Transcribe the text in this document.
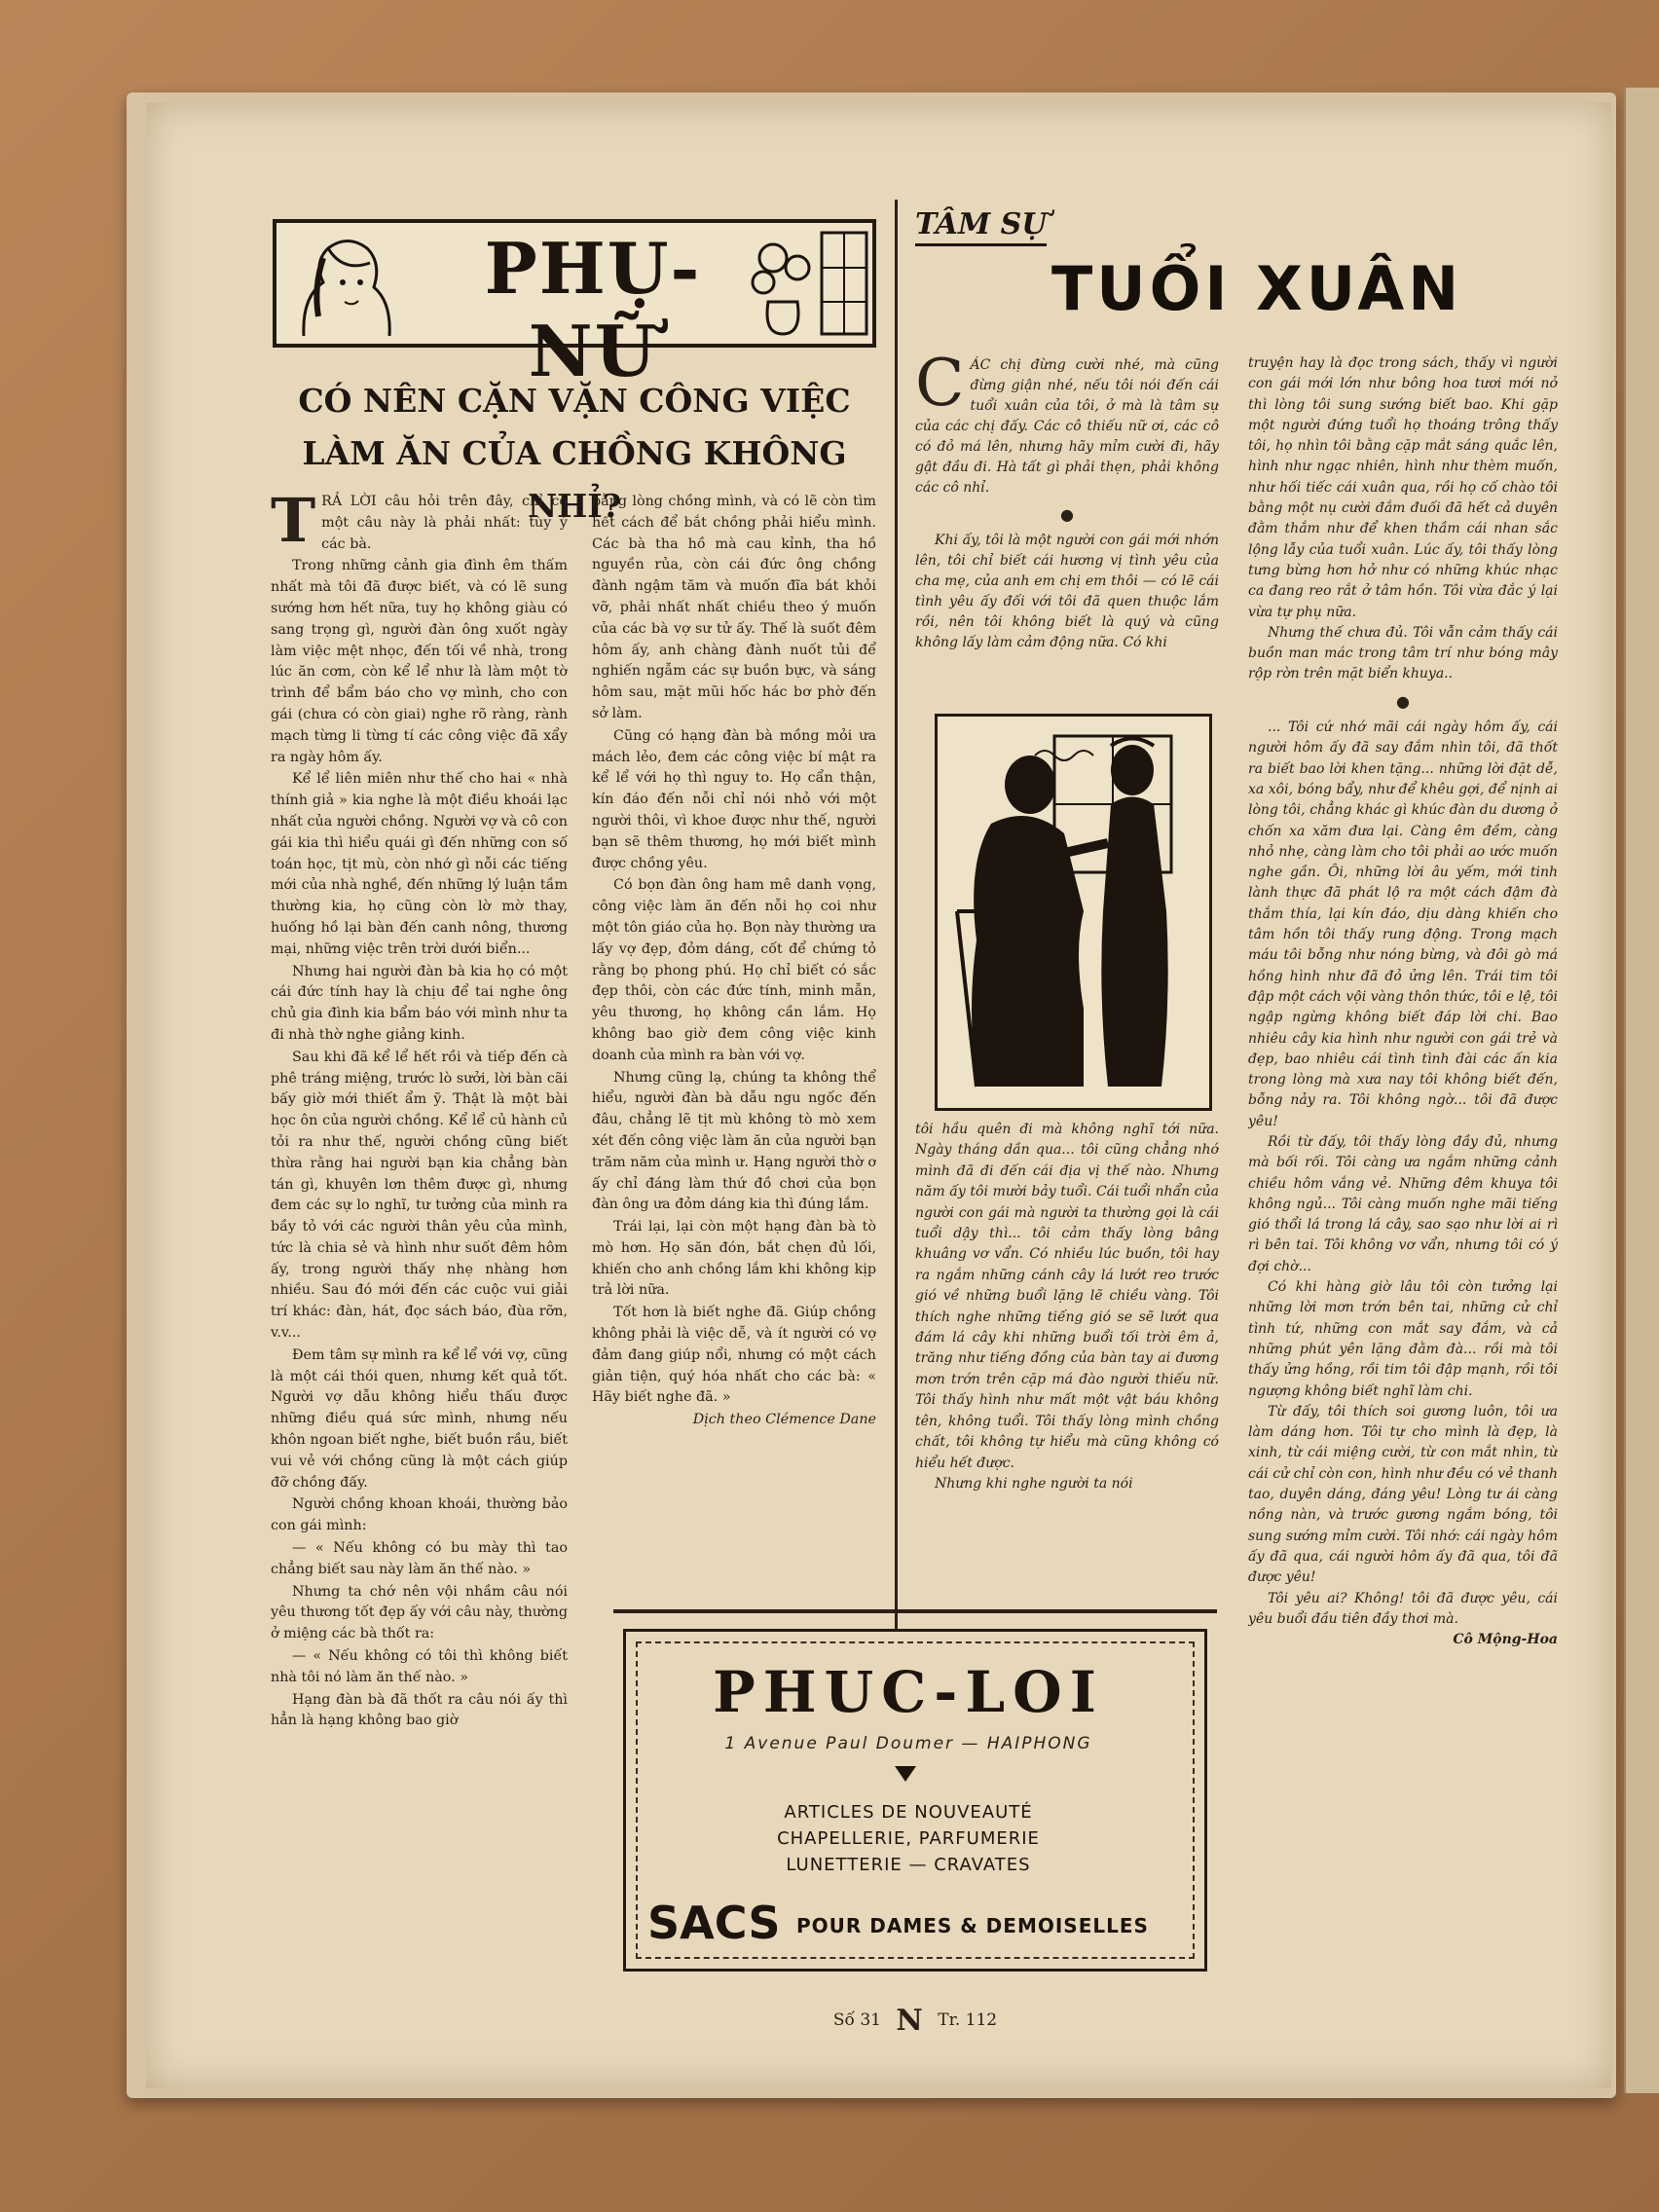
PHỤ-NỮ
CÓ NÊN CẶN VẶN CÔNG VIỆC
LÀM ĂN CỦA CHỒNG KHÔNG NHỈ?

TRẢ LỜI câu hỏi trên đây, chỉ có một câu này là phải nhất: tùy ý các bà.

Trong những cảnh gia đình êm thấm nhất mà tôi đã được biết, và có lẽ sung sướng hơn hết nữa, tuy họ không giàu có sang trọng gì, người đàn ông xuốt ngày làm việc mệt nhọc, đến tối về nhà, trong lúc ăn cơm, còn kể lể như là làm một tờ trình để bẩm báo cho vợ mình, cho con gái (chưa có còn giai) nghe rõ ràng, rành mạch từng li từng tí các công việc đã xẩy ra ngày hôm ấy.

Kể lể liên miên như thế cho hai « nhà thính giả » kia nghe là một điều khoái lạc nhất của người chồng. Người vợ và cô con gái kia thì hiểu quái gì đến những con số toán học, tịt mù, còn nhớ gì nỗi các tiếng mới của nhà nghề, đến những lý luận tầm thường kia, họ cũng còn lờ mờ thay, huống hồ lại bàn đến canh nông, thương mại, những việc trên trời dưới biển...

Nhưng hai người đàn bà kia họ có một cái đức tính hay là chịu để tai nghe ông chủ gia đình kia bẩm báo với mình như ta đi nhà thờ nghe giảng kinh.

Sau khi đã kể lể hết rồi và tiếp đến cà phê tráng miệng, trước lò sưởi, lời bàn cãi bấy giờ mới thiết ẩm ỹ. Thật là một bài học ôn của người chồng. Kể lể củ hành củ tỏi ra như thế, người chồng cũng biết thừa rằng hai người bạn kia chẳng bàn tán gì, khuyên lơn thêm được gì, nhưng đem các sự lo nghĩ, tư tưởng của mình ra bầy tỏ với các người thân yêu của mình, tức là chia sẻ và hình như suốt đêm hôm ấy, trong người thấy nhẹ nhàng hơn nhiều. Sau đó mới đến các cuộc vui giải trí khác: đàn, hát, đọc sách báo, đùa rỡn, v.v...

Đem tâm sự mình ra kể lể với vợ, cũng là một cái thói quen, nhưng kết quả tốt. Người vợ dẫu không hiểu thấu được những điều quá sức mình, nhưng nếu khôn ngoan biết nghe, biết buồn rầu, biết vui vẻ với chồng cũng là một cách giúp đỡ chồng đấy.

Người chồng khoan khoái, thường bảo con gái mình:

— « Nếu không có bu mày thì tao chẳng biết sau này làm ăn thế nào. »

Nhưng ta chớ nên vội nhầm câu nói yêu thương tốt đẹp ấy với câu này, thường ở miệng các bà thốt ra:

— « Nếu không có tôi thì không biết nhà tôi nó làm ăn thế nào. »

Hạng đàn bà đã thốt ra câu nói ấy thì hẳn là hạng không bao giờ

bằng lòng chồng mình, và có lẽ còn tìm hết cách để bắt chồng phải hiểu mình. Các bà tha hồ mà cau kỉnh, tha hồ nguyền rủa, còn cái đức ông chồng đành ngậm tăm và muốn đĩa bát khỏi vỡ, phải nhất nhất chiều theo ý muốn của các bà vợ sư tử ấy. Thế là suốt đêm hôm ấy, anh chàng đành nuốt tủi để nghiến ngẫm các sự buồn bực, và sáng hôm sau, mặt mũi hốc hác bơ phờ đến sở làm.

Cũng có hạng đàn bà mồng mỏi ưa mách lẻo, đem các công việc bí mật ra kể lể với họ thì nguy to. Họ cẩn thận, kín đáo đến nỗi chỉ nói nhỏ với một người thôi, vì khoe được như thế, người bạn sẽ thêm thương, họ mới biết mình được chồng yêu.

Có bọn đàn ông ham mê danh vọng, công việc làm ăn đến nỗi họ coi như một tôn giáo của họ. Bọn này thường ưa lấy vợ đẹp, đỏm dáng, cốt để chứng tỏ rằng bọ phong phú. Họ chỉ biết có sắc đẹp thôi, còn các đức tính, minh mẫn, yêu thương, họ không cần lắm. Họ không bao giờ đem công việc kinh doanh của mình ra bàn với vợ.

Nhưng cũng lạ, chúng ta không thể hiểu, người đàn bà dẫu ngu ngốc đến đâu, chẳng lẽ tịt mù không tò mò xem xét đến công việc làm ăn của người bạn trăm năm của mình ư. Hạng người thờ ơ ấy chỉ đáng làm thứ đồ chơi của bọn đàn ông ưa đỏm dáng kia thì đúng lắm.

Trái lại, lại còn một hạng đàn bà tò mò hơn. Họ săn đón, bắt chẹn đủ lối, khiến cho anh chồng lắm khi không kịp trả lời nữa.

Tốt hơn là biết nghe đã. Giúp chồng không phải là việc dễ, và ít người có vợ đảm đang giúp nổi, nhưng có một cách giản tiện, quý hóa nhất cho các bà: « Hãy biết nghe đã. »

Dịch theo Clémence Dane

TÂM SỰ
TUỔI XUÂN

CÁC chị đừng cười nhé, mà cũng đừng giận nhé, nếu tôi nói đến cái tuổi xuân của tôi, ở mà là tâm sự của các chị đấy. Các cô thiếu nữ ơi, các cô có đỏ má lên, nhưng hãy mỉm cười đi, hãy gật đầu đi. Hà tất gì phải thẹn, phải không các cô nhỉ.

●

Khi ấy, tôi là một người con gái mới nhớn lên, tôi chỉ biết cái hương vị tình yêu của cha mẹ, của anh em chị em thôi — có lẽ cái tình yêu ấy đối với tôi đã quen thuộc lắm rồi, nên tôi không biết là quý và cũng không lấy làm cảm động nữa. Có khi

tôi hầu quên đi mà không nghĩ tới nữa. Ngày tháng dần qua... tôi cũng chẳng nhớ mình đã đi đến cái địa vị thế nào. Nhưng năm ấy tôi mười bảy tuổi. Cái tuổi nhẩn của người con gái mà người ta thường gọi là cái tuổi dậy thì... tôi cảm thấy lòng bâng khuâng vơ vẩn. Có nhiều lúc buồn, tôi hay ra ngắm những cánh cây lá lướt reo trước gió về những buổi lặng lẽ chiều vàng. Tôi thích nghe những tiếng gió se sẽ lướt qua đám lá cây khi những buổi tối trời êm ả, trăng như tiếng đồng của bàn tay ai đương mơn trớn trên cặp má đào người thiếu nữ. Tôi thấy hình như mất một vật báu không tên, không tuổi. Tôi thấy lòng mình chồng chất, tôi không tự hiểu mà cũng không có hiểu hết được.

Nhưng khi nghe người ta nói

truyện hay là đọc trong sách, thấy vì người con gái mới lớn như bông hoa tươi mới nở thì lòng tôi sung sướng biết bao. Khi gặp một người đứng tuổi họ thoáng trông thấy tôi, họ nhìn tôi bằng cặp mắt sáng quắc lên, hình như ngạc nhiên, hình như thèm muốn, như hối tiếc cái xuân qua, rồi họ cố chào tôi bằng một nụ cười đắm đuối đã hết cả duyên đằm thắm như để khen thầm cái nhan sắc lộng lẫy của tuổi xuân. Lúc ấy, tôi thấy lòng tưng bừng hơn hở như có những khúc nhạc ca đang reo rắt ở tâm hồn. Tôi vừa đắc ý lại vừa tự phụ nữa.

Nhưng thế chưa đủ. Tôi vẫn cảm thấy cái buồn man mác trong tâm trí như bóng mây rộp rờn trên mặt biển khuya..

●

... Tôi cứ nhớ mãi cái ngày hôm ấy, cái người hôm ấy đã say đắm nhìn tôi, đã thốt ra biết bao lời khen tặng... những lời đặt dễ, xa xôi, bóng bẩy, như để khêu gợi, để nịnh ai lòng tôi, chẳng khác gì khúc đàn du dương ở chốn xa xăm đưa lại. Càng êm đềm, càng nhỏ nhẹ, càng làm cho tôi phải ao ước muốn nghe gần. Ôi, những lời âu yếm, mới tinh lành thực đã phát lộ ra một cách đậm đà thắm thía, lại kín đáo, dịu dàng khiến cho tâm hồn tôi thấy rung động. Trong mạch máu tôi bỗng như nóng bừng, và đôi gò má hồng hình như đã đỏ ửng lên. Trái tim tôi đập một cách vội vàng thôn thức, tôi e lệ, tôi ngập ngừng không biết đáp lời chi. Bao nhiêu cây kia hình như người con gái trẻ và đẹp, bao nhiêu cái tình tình đài các ấn kia trong lòng mà xưa nay tôi không biết đến, bỗng nảy ra. Tôi không ngờ... tôi đã được yêu!

Rồi từ đấy, tôi thấy lòng đầy đủ, nhưng mà bối rối. Tôi càng ưa ngắm những cảnh chiều hôm vắng vẻ. Những đêm khuya tôi không ngủ... Tôi càng muốn nghe mãi tiếng gió thổi lá trong lá cây, sao sạo như lời ai rì rì bên tai. Tôi không vơ vẩn, nhưng tôi có ý đợi chờ...

Có khi hàng giờ lâu tôi còn tưởng lại những lời mơn trớn bên tai, những cử chỉ tình tứ, những con mắt say đắm, và cả những phút yên lặng đằm đà... rồi mà tôi thấy ửng hồng, rồi tim tôi đập mạnh, rồi tôi ngượng không biết nghĩ làm chi.

Từ đấy, tôi thích soi gương luôn, tôi ưa làm dáng hơn. Tôi tự cho mình là đẹp, là xinh, từ cái miệng cười, từ con mắt nhìn, từ cái cử chỉ còn con, hình như đều có vẻ thanh tao, duyên dáng, đáng yêu! Lòng tư ái càng nồng nàn, và trước gương ngắm bóng, tôi sung sướng mỉm cười. Tôi nhớ: cái ngày hôm ấy đã qua, cái người hôm ấy đã qua, tôi đã được yêu!

Tôi yêu ai? Không! tôi đã được yêu, cái yêu buổi đầu tiên đầy thơi mà.

Cô Mộng-Hoa

PHUC-LOI
1 Avenue Paul Doumer — HAIPHONG
ARTICLES DE NOUVEAUTÉ
CHAPELLERIE, PARFUMERIE
LUNETTERIE — CRAVATES
SACS POUR DAMES & DEMOISELLES
Số 31 N Tr. 112
